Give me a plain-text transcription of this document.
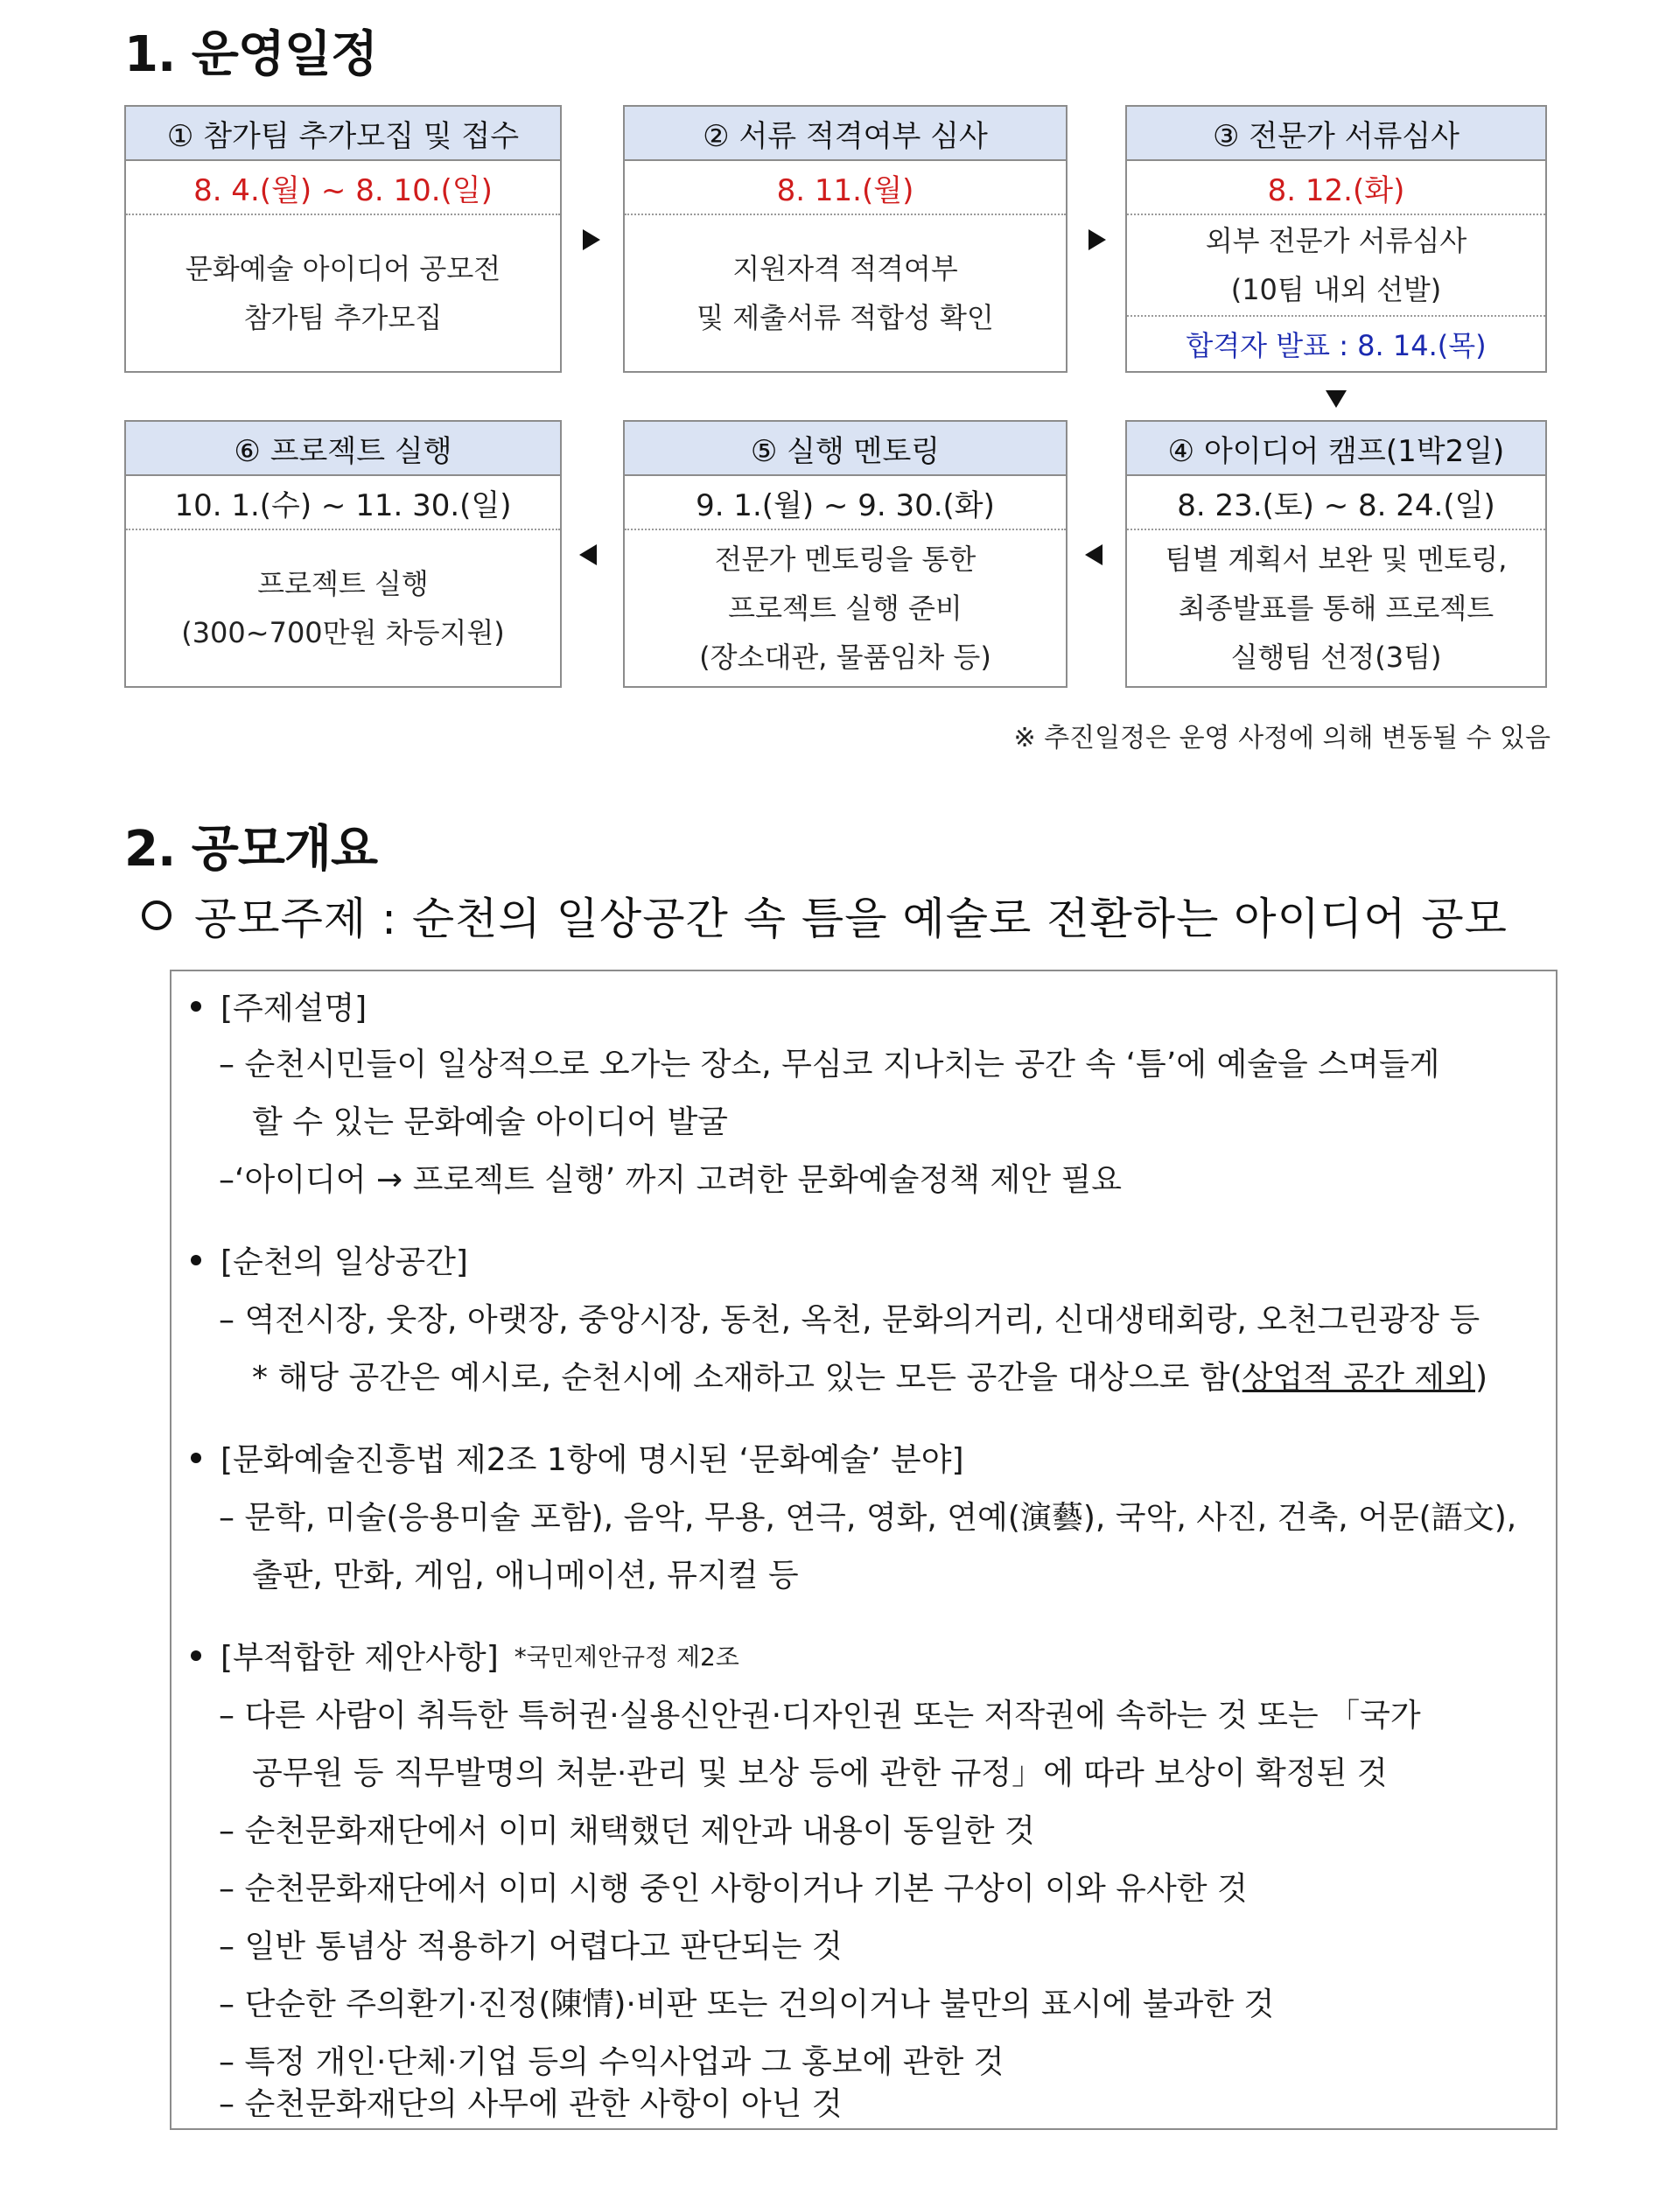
1. 운영일정
① 참가팀 추가모집 및 접수
8. 4.(월) ~ 8. 10.(일)
문화예술 아이디어 공모전
참가팀 추가모집
② 서류 적격여부 심사
8. 11.(월)
지원자격 적격여부
및 제출서류 적합성 확인
③ 전문가 서류심사
8. 12.(화)
외부 전문가 서류심사
(10팀 내외 선발)
합격자 발표 : 8. 14.(목)
⑥ 프로젝트 실행
10. 1.(수) ~ 11. 30.(일)
프로젝트 실행
(300~700만원 차등지원)
⑤ 실행 멘토링
9. 1.(월) ~ 9. 30.(화)
전문가 멘토링을 통한
프로젝트 실행 준비
(장소대관, 물품임차 등)
④ 아이디어 캠프(1박2일)
8. 23.(토) ~ 8. 24.(일)
팀별 계획서 보완 및 멘토링,
최종발표를 통해 프로젝트
실행팀 선정(3팀)
※ 추진일정은 운영 사정에 의해 변동될 수 있음
2. 공모개요
공모주제 : 순천의 일상공간 속 틈을 예술로 전환하는 아이디어 공모
[주제설명]
– 순천시민들이 일상적으로 오가는 장소, 무심코 지나치는 공간 속 ‘틈’에 예술을 스며들게
할 수 있는 문화예술 아이디어 발굴
–‘아이디어 → 프로젝트 실행’ 까지 고려한 문화예술정책 제안 필요
[순천의 일상공간]
– 역전시장, 웃장, 아랫장, 중앙시장, 동천, 옥천, 문화의거리, 신대생태회랑, 오천그린광장 등
* 해당 공간은 예시로, 순천시에 소재하고 있는 모든 공간을 대상으로 함(상업적 공간 제외)
[문화예술진흥법 제2조 1항에 명시된 ‘문화예술’ 분야]
– 문학, 미술(응용미술 포함), 음악, 무용, 연극, 영화, 연예(演藝), 국악, 사진, 건축, 어문(語文),
출판, 만화, 게임, 애니메이션, 뮤지컬 등
[부적합한 제안사항] *국민제안규정 제2조
– 다른 사람이 취득한 특허권·실용신안권·디자인권 또는 저작권에 속하는 것 또는 「국가
공무원 등 직무발명의 처분·관리 및 보상 등에 관한 규정」에 따라 보상이 확정된 것
– 순천문화재단에서 이미 채택했던 제안과 내용이 동일한 것
– 순천문화재단에서 이미 시행 중인 사항이거나 기본 구상이 이와 유사한 것
– 일반 통념상 적용하기 어렵다고 판단되는 것
– 단순한 주의환기·진정(陳情)·비판 또는 건의이거나 불만의 표시에 불과한 것
– 특정 개인·단체·기업 등의 수익사업과 그 홍보에 관한 것
– 순천문화재단의 사무에 관한 사항이 아닌 것
